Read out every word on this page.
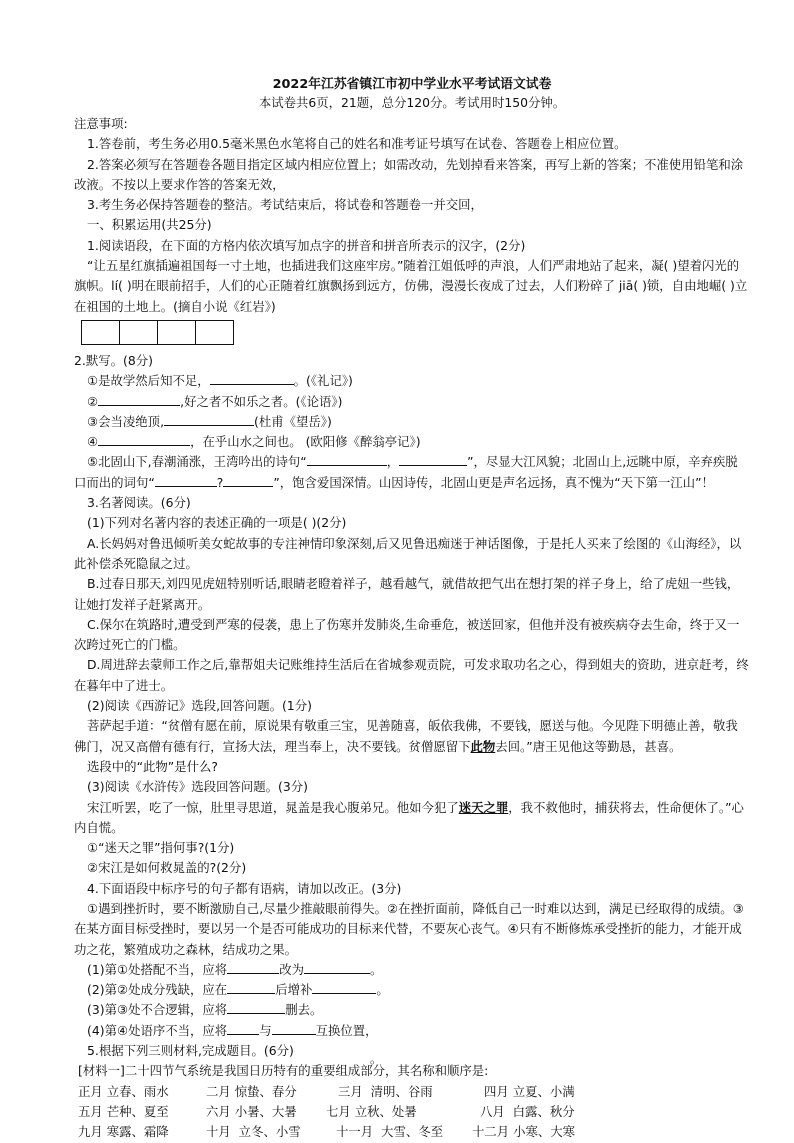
2022年江苏省镇江市初中学业水平考试语文试卷
本试卷共6页，21题，总分120分。考试用时150分钟。

注意事项:

1.答卷前，考生务必用0.5毫米黑色水笔将自己的姓名和准考证号填写在试卷、答题卷上相应位置。

2.答案必须写在答题卷各题目指定区域内相应位置上；如需改动，先划掉看来答案，再写上新的答案；不准使用铅笔和涂改液。不按以上要求作答的答案无效，

3.考生务必保持答题卷的整洁。考试结束后，将试卷和答题卷一并交回，

一、积累运用(共25分)

1.阅读语段，在下面的方格内依次填写加点字的拼音和拼音所表示的汉字，(2分)

“让五星红旗插遍祖国每一寸土地，也插进我们这座牢房。”随着江姐低呼的声浪，人们严肃地站了起来，凝( )望着闪光的旗帜。lí( )明在眼前招手，人们的心正随着红旗飘扬到远方，仿佛，漫漫长夜成了过去，人们粉碎了 jiā( )锁，自由地崛( )立在祖国的土地上。(摘自小说《红岩》)

2.默写。(8分)

①是故学然后知不足，	。(《礼记》)

②	,好之者不如乐之者。(《论语》)

③会当凌绝顶,	(杜甫《望岳》)

④	，在乎山水之间也。 (欧阳修《醉翁亭记》)

⑤北固山下,春潮涌涨，王湾吟出的诗句“	，	”，尽显大江风貌；北固山上,远眺中原，辛弃疾脱口而出的词句“	?	”，饱含爱国深情。山因诗传，北固山更是声名远扬，真不愧为“天下第一江山”！

3.名著阅读。(6分)

(1)下列对名著内容的表述正确的一项是( )(2分)

A.长妈妈对鲁迅倾听美女蛇故事的专注神情印象深刻,后又见鲁迅痴迷于神话图像，于是托人买来了绘图的《山海经》，以此补偿杀死隐鼠之过。

B.过春日那天,刘四见虎妞特别听话,眼睛老瞪着祥子，越看越气，就借故把气出在想打架的祥子身上，给了虎妞一些钱，让她打发祥子赶紧离开。

C.保尔在筑路时,遭受到严寒的侵袭，患上了伤寒并发肺炎,生命垂危，被送回家，但他并没有被疾病夺去生命，终于又一次跨过死亡的门槛。

D.周进辞去蒙师工作之后,靠帮姐夫记账维持生活后在省城参观贡院，可发求取功名之心，得到姐夫的资助，进京赶考，终在暮年中了进士。

(2)阅读《西游记》选段,回答问题。(1分)

菩萨起手道：“贫僧有愿在前，原说果有敬重三宝，见善随喜，皈依我佛，不要钱，愿送与他。今见陛下明德止善，敬我佛门，况又高僧有德有行，宣扬大法，理当奉上，决不要钱。贫僧愿留下此物去回。”唐王见他这等勤恳，甚喜。

选段中的“此物”是什么?

(3)阅读《水浒传》选段回答问题。(3分)

宋江听罢，吃了一惊，肚里寻思道，晁盖是我心腹弟兄。他如今犯了迷天之罪，我不救他时，捕获将去，性命便休了。”心内自慌。

①“迷天之罪”指何事?(1分)

②宋江是如何救晁盖的?(2分)

4.下面语段中标序号的句子都有语病，请加以改正。(3分)

①遇到挫折时，要不断激励自己,尽量少推敲眼前得失。②在挫折面前，降低自己一时难以达到，满足已经取得的成绩。③在某方面目标受挫时，要以另一个是否可能成功的目标来代替，不要灰心丧气。④只有不断修炼承受挫折的能力，才能开成功之花，繁殖成功之森林，结成功之果。

(1)第①处搭配不当，应将	改为	。

(2)第②处成分残缺，应在	后增补	。

(3)第③处不合逻辑，应将	删去。

(4)第④处语序不当，应将	与	互换位置，

5.根据下列三则材料,完成题目。(6分)

[材料一]二十四节气系统是我国日历特有的重要组成部分，其名称和顺序是:

正月 立春、雨水	二月 惊蛰、春分	三月  清明、谷雨	四月 立夏、小满
五月 芒种、夏至	六月 小暑、大暑	七月 立秋、处暑	八月  白露、秋分
九月 寒露、霜降	十月  立冬、小雪	十一月  大雪、冬至	十二月 小寒、大寒
。
